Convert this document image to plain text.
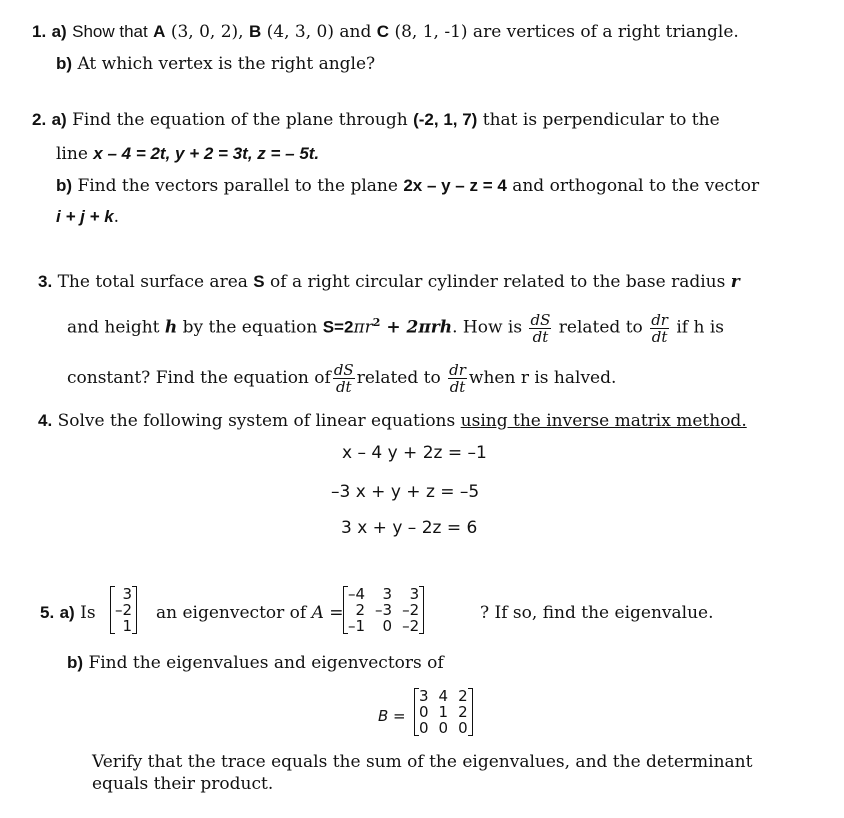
1. a) Show that A (3, 0, 2), B (4, 3, 0) and C (8, 1, -1) are vertices of a right triangle.
b) At which vertex is the right angle?
2. a) Find the equation of the plane through (-2, 1, 7) that is perpendicular to the
line x – 4 = 2t, y + 2 = 3t, z = – 5t.
b) Find the vectors parallel to the plane 2x – y – z = 4 and orthogonal to the vector
i + j + k.
3. The total surface area S of a right circular cylinder related to the base radius r
and height h by the equation $S=2\pi r^2 + 2\pi rh$. How is $\frac{dS}{dt}$ related to $\frac{dr}{dt}$ if h is
constant? Find the equation of $\frac{dS}{dt}$ related to $\frac{dr}{dt}$ when r is halved.
4. Solve the following system of linear equations using the inverse matrix method.
x – 4 y + 2z = –1
–3 x + y + z = –5
3 x + y – 2z = 6
5. a) Is
3
–2
1
an eigenvector of A =
–4	3	3
2	–3	–2
–1	0	–2
? If so, find the eigenvalue.
b) Find the eigenvalues and eigenvectors of
B =
3	4	2
0	1	2
0	0	0
Verify that the trace equals the sum of the eigenvalues, and the determinant
equals their product.
